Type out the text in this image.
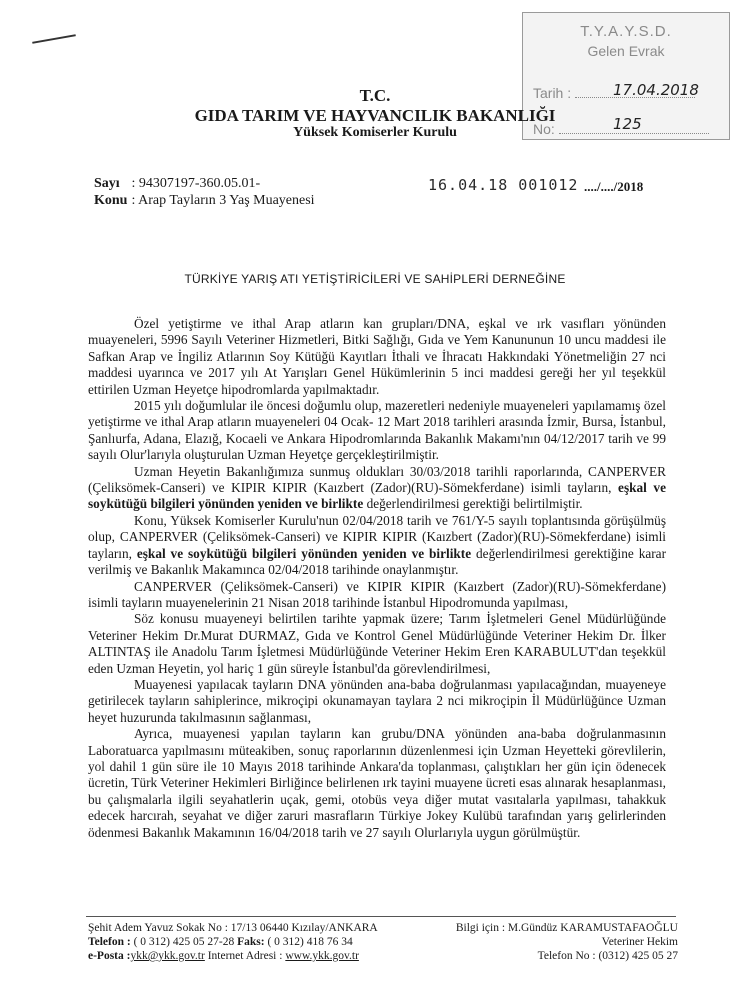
T.Y.A.Y.S.D.
Gelen Evrak
Tarih :	17.04.2018
No:	125
T.C.
GIDA TARIM VE HAYVANCILIK BAKANLIĞI
Yüksek Komiserler Kurulu
Sayı : 94307197-360.05.01-
Konu : Arap Tayların 3 Yaş Muayenesi
16.04.18 001012 ..../..../2018
TÜRKİYE YARIŞ ATI YETİŞTİRİCİLERİ VE SAHİPLERİ DERNEĞİNE

Özel yetiştirme ve ithal Arap atların kan grupları/DNA, eşkal ve ırk vasıfları yönünden muayeneleri, 5996 Sayılı Veteriner Hizmetleri, Bitki Sağlığı, Gıda ve Yem Kanununun 10 uncu maddesi ile Safkan Arap ve İngiliz Atlarının Soy Kütüğü Kayıtları İthali ve İhracatı Hakkındaki Yönetmeliğin 27 nci maddesi uyarınca ve 2017 yılı At Yarışları Genel Hükümlerinin 5 inci maddesi gereği her yıl teşekkül ettirilen Uzman Heyetçe hipodromlarda yapılmaktadır.

2015 yılı doğumlular ile öncesi doğumlu olup, mazeretleri nedeniyle muayeneleri yapılamamış özel yetiştirme ve ithal Arap atların muayeneleri 04 Ocak- 12 Mart 2018 tarihleri arasında İzmir, Bursa, İstanbul, Şanlıurfa, Adana, Elazığ, Kocaeli ve Ankara Hipodromlarında Bakanlık Makamı'nın 04/12/2017 tarih ve 99 sayılı Olur'larıyla oluşturulan Uzman Heyetçe gerçekleştirilmiştir.

Uzman Heyetin Bakanlığımıza sunmuş oldukları 30/03/2018 tarihli raporlarında, CANPERVER (Çeliksömek-Canseri) ve KIPIR KIPIR (Kaızbert (Zador)(RU)-Sömekferdane) isimli tayların, eşkal ve soykütüğü bilgileri yönünden yeniden ve birlikte değerlendirilmesi gerektiği belirtilmiştir.

Konu, Yüksek Komiserler Kurulu'nun 02/04/2018 tarih ve 761/Y-5 sayılı toplantısında görüşülmüş olup, CANPERVER (Çeliksömek-Canseri) ve KIPIR KIPIR (Kaızbert (Zador)(RU)-Sömekferdane) isimli tayların, eşkal ve soykütüğü bilgileri yönünden yeniden ve birlikte değerlendirilmesi gerektiğine karar verilmiş ve Bakanlık Makamınca 02/04/2018 tarihinde onaylanmıştır.

CANPERVER (Çeliksömek-Canseri) ve KIPIR KIPIR (Kaızbert (Zador)(RU)-Sömekferdane) isimli tayların muayenelerinin 21 Nisan 2018 tarihinde İstanbul Hipodromunda yapılması,

Söz konusu muayeneyi belirtilen tarihte yapmak üzere; Tarım İşletmeleri Genel Müdürlüğünde Veteriner Hekim Dr.Murat DURMAZ, Gıda ve Kontrol Genel Müdürlüğünde Veteriner Hekim Dr. İlker ALTINTAŞ ile Anadolu Tarım İşletmesi Müdürlüğünde Veteriner Hekim Eren KARABULUT'dan teşekkül eden Uzman Heyetin, yol hariç 1 gün süreyle İstanbul'da görevlendirilmesi,

Muayenesi yapılacak tayların DNA yönünden ana-baba doğrulanması yapılacağından, muayeneye getirilecek tayların sahiplerince, mikroçipi okunamayan taylara 2 nci mikroçipin İl Müdürlüğünce Uzman heyet huzurunda takılmasının sağlanması,

Ayrıca, muayenesi yapılan tayların kan grubu/DNA yönünden ana-baba doğrulanmasının Laboratuarca yapılmasını müteakiben, sonuç raporlarının düzenlenmesi için Uzman Heyetteki görevlilerin, yol dahil 1 gün süre ile 10 Mayıs 2018 tarihinde Ankara'da toplanması, çalıştıkları her gün için ödenecek ücretin, Türk Veteriner Hekimleri Birliğince belirlenen ırk tayini muayene ücreti esas alınarak hesaplanması, bu çalışmalarla ilgili seyahatlerin uçak, gemi, otobüs veya diğer mutat vasıtalarla yapılması, tahakkuk edecek harcırah, seyahat ve diğer zaruri masrafların Türkiye Jokey Kulübü tarafından yarış gelirlerinden ödenmesi Bakanlık Makamının 16/04/2018 tarih ve 27 sayılı Olurlarıyla uygun görülmüştür.

Şehit Adem Yavuz Sokak No : 17/13 06440 Kızılay/ANKARA
Telefon : ( 0 312) 425 05 27-28 Faks: ( 0 312) 418 76 34
e-Posta :ykk@ykk.gov.tr Internet Adresi : www.ykk.gov.tr
Bilgi için : M.Gündüz KARAMUSTAFAOĞLU
Veteriner Hekim
Telefon No : (0312) 425 05 27
